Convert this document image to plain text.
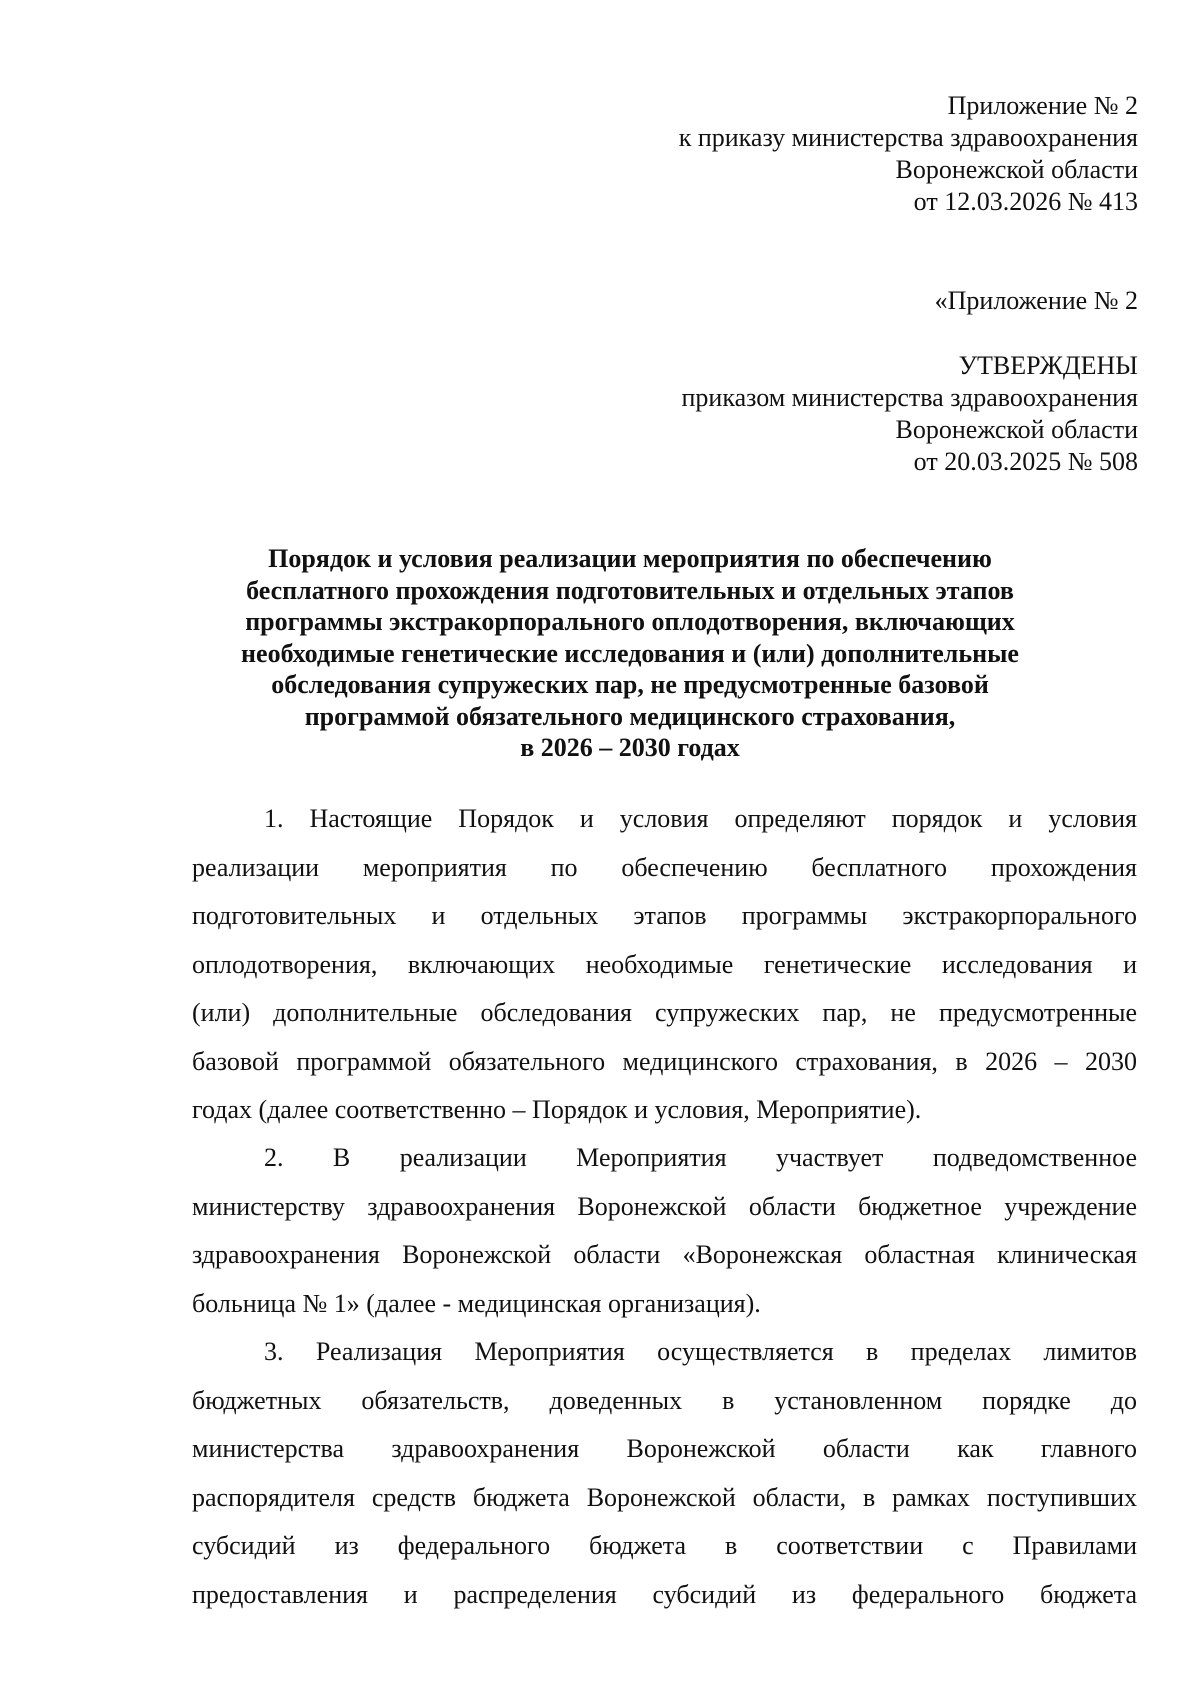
Приложение № 2
к приказу министерства здравоохранения
Воронежской области
от 12.03.2026 № 413
«Приложение № 2
УТВЕРЖДЕНЫ
приказом министерства здравоохранения
Воронежской области
от 20.03.2025 № 508
Порядок и условия реализации мероприятия по обеспечению
бесплатного прохождения подготовительных и отдельных этапов
программы экстракорпорального оплодотворения, включающих
необходимые генетические исследования и (или) дополнительные
обследования супружеских пар, не предусмотренные базовой
программой обязательного медицинского страхования,
в 2026 – 2030 годах
1. Настоящие Порядок и условия определяют порядок и условия
реализации мероприятия по обеспечению бесплатного прохождения
подготовительных и отдельных этапов программы экстракорпорального
оплодотворения, включающих необходимые генетические исследования и
(или) дополнительные обследования супружеских пар, не предусмотренные
базовой программой обязательного медицинского страхования, в 2026 – 2030
годах (далее соответственно – Порядок и условия, Мероприятие).
2. В реализации Мероприятия участвует подведомственное
министерству здравоохранения Воронежской области бюджетное учреждение
здравоохранения Воронежской области «Воронежская областная клиническая
больница № 1» (далее - медицинская организация).
3. Реализация Мероприятия осуществляется в пределах лимитов
бюджетных обязательств, доведенных в установленном порядке до
министерства здравоохранения Воронежской области как главного
распорядителя средств бюджета Воронежской области, в рамках поступивших
субсидий из федерального бюджета в соответствии с Правилами
предоставления и распределения субсидий из федерального бюджета
